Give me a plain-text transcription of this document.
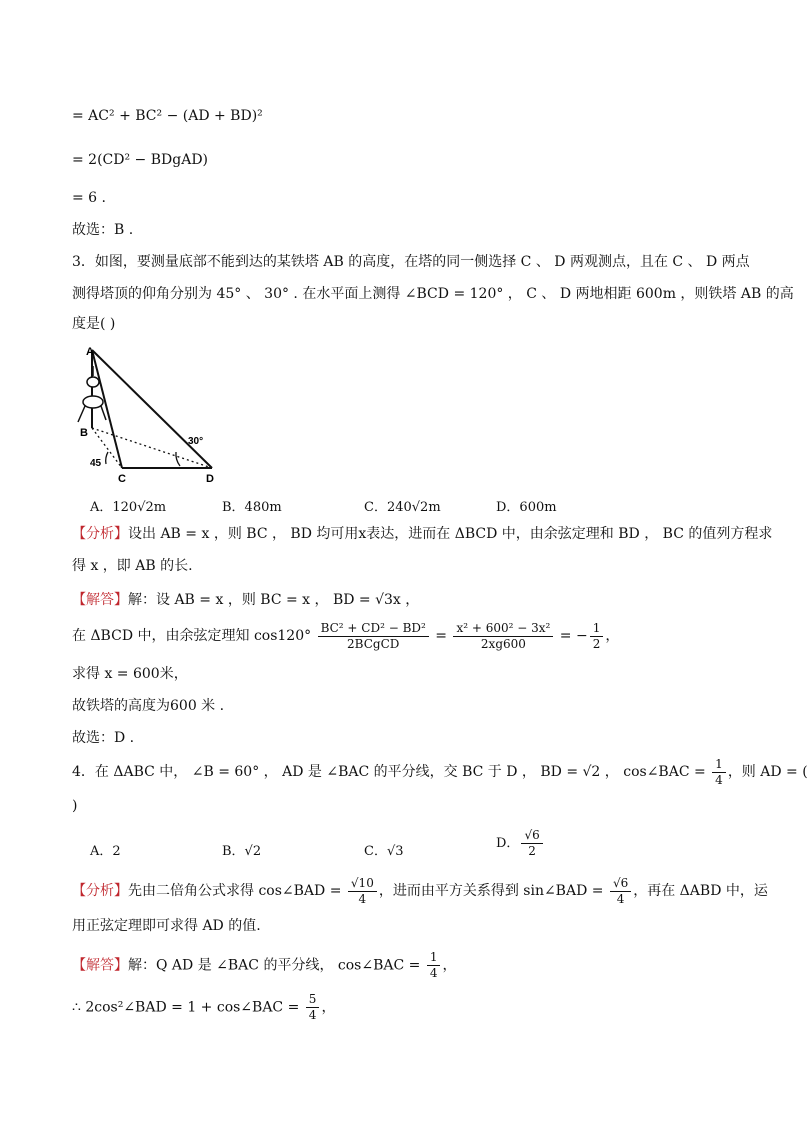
= AC² + BC² − (AD + BD)²
= 2(CD² − BDgAD)
= 6 .
故选：B .
3．如图，要测量底部不能到达的某铁塔 AB 的高度，在塔的同一侧选择 C 、 D 两观测点，且在 C 、 D 两点
测得塔顶的仰角分别为 45° 、 30° . 在水平面上测得 ∠BCD = 120° ， C 、 D 两地相距 600m ，则铁塔 AB 的高
度是( )
A
B
C	D
45
30°
A．120√2m	B．480m	C．240√2m	D．600m
【分析】设出 AB = x ，则 BC ， BD 均可用x表达，进而在 ΔBCD 中，由余弦定理和 BD ， BC 的值列方程求
得 x ，即 AB 的长.
【解答】解：设 AB = x ，则 BC = x ， BD = √3x ，
在 ΔBCD 中，由余弦定理知 $\cos 120^\circ \frac{\text{BC² + CD² − BD²}}{\text{2BCgCD}} = \frac{\text{x² + 600² − 3x²}}{2xg600}$ = − $\frac{1}{2}$ ，
求得 x = 600米，
故铁塔的高度为600 米 .
故选：D .
4．在 ΔABC 中， ∠B = 60° ， AD 是 ∠BAC 的平分线，交 BC 于 D ， BD = √2 ， cos∠BAC = $\frac{1}{4}$ ，则 AD = (
)
A．2	B．√2	C．√3
D． $\frac{√6}{2}$
【分析】先由二倍角公式求得 cos∠BAD = $\frac{√10}{4}$ ，进而由平方关系得到 sin∠BAD = $\frac{√6}{4}$ ，再在 ΔABD 中，运
用正弦定理即可求得 AD 的值.
【解答】解：Q AD 是 ∠BAC 的平分线， cos∠BAC = $\frac{1}{4}$ ，
∴ 2cos²∠BAD = 1 + cos∠BAC = $\frac{5}{4}$ ，
